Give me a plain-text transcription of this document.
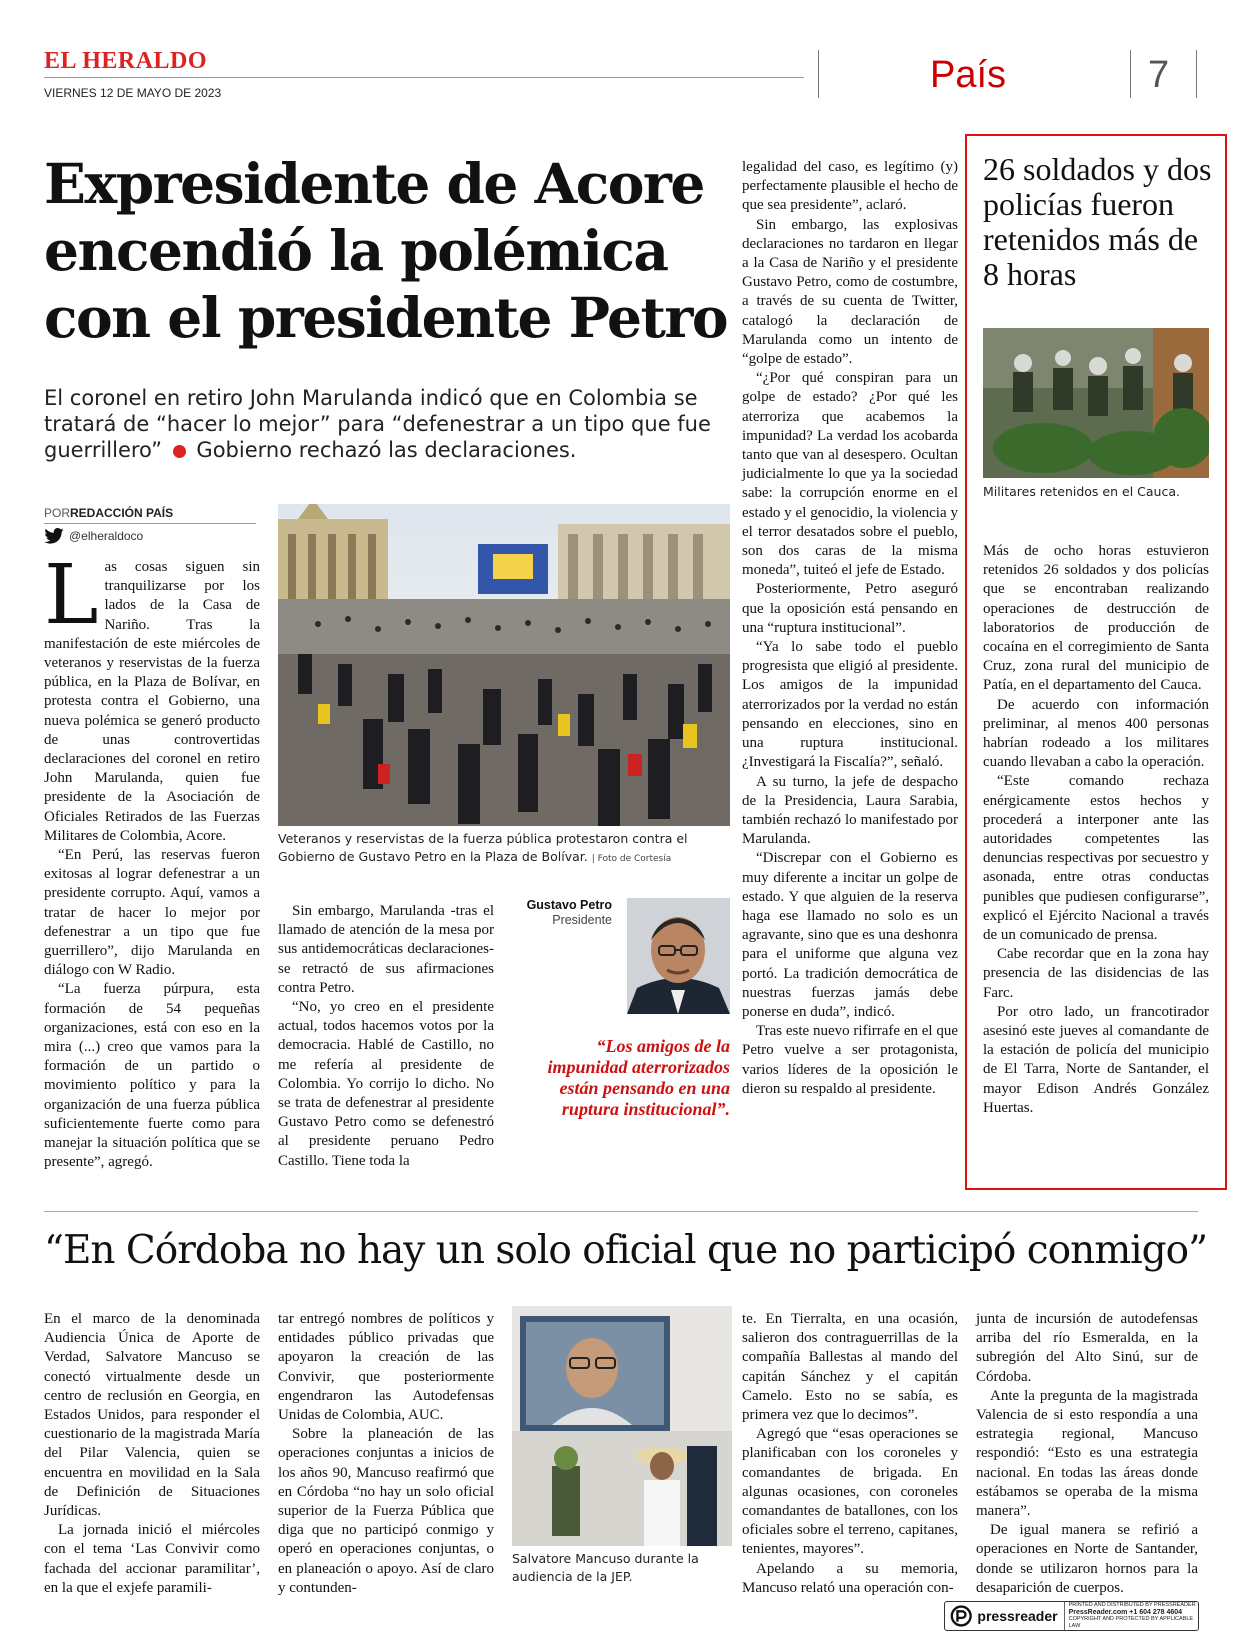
EL HERALDO
VIERNES 12 DE MAYO DE 2023	País	7
Expresidente de Acore
encendió la polémica
con el presidente Petro
El coronel en retiro John Marulanda indicó que en Colombia se tratará de “hacer lo mejor” para “defenestrar a un tipo que fue guerrillero” Gobierno rechazó las declaraciones.
PORREDACCIÓN PAÍS
@elheraldoco

Las cosas siguen sin tranquilizarse por los lados de la Casa de Nariño. Tras la manifestación de este miércoles de veteranos y reservistas de la fuerza pública, en la Plaza de Bolívar, en protesta contra el Gobierno, una nueva polémica se generó producto de unas controvertidas declaraciones del coronel en retiro John Marulanda, quien fue presidente de la Asociación de Oficiales Retirados de las Fuerzas Militares de Colombia, Acore.

“En Perú, las reservas fueron exitosas al lograr defenestrar a un presidente corrupto. Aquí, vamos a tratar de hacer lo mejor por defenestrar a un tipo que fue guerrillero”, dijo Marulanda en diálogo con W Radio.

“La fuerza púrpura, esta formación de 54 pequeñas organizaciones, está con eso en la mira (...) creo que vamos para la formación de un partido o movimiento político y para la organización de una fuerza pública suficientemente fuerte como para manejar la situación política que se presente”, agregó.

Veteranos y reservistas de la fuerza pública protestaron contra el Gobierno de Gustavo Petro en la Plaza de Bolívar. | Foto de Cortesía

Sin embargo, Marulanda -tras el llamado de atención de la mesa por sus antidemocráticas declaraciones- se retractó de sus afirmaciones contra Petro.

“No, yo creo en el presidente actual, todos hacemos votos por la democracia. Hablé de Castillo, no me refería al presidente de Colombia. Yo corrijo lo dicho. No se trata de defenestrar al presidente Gustavo Petro como se defenestró al presidente peruano Pedro Castillo. Tiene toda la

Gustavo Petro
Presidente
“Los amigos de la impunidad aterrorizados están pensando en una ruptura institucional”.

legalidad del caso, es legítimo (y) perfectamente plausible el hecho de que sea presidente”, aclaró.

Sin embargo, las explosivas declaraciones no tardaron en llegar a la Casa de Nariño y el presidente Gustavo Petro, como de costumbre, a través de su cuenta de Twitter, catalogó la declaración de Marulanda como un intento de “golpe de estado”.

“¿Por qué conspiran para un golpe de estado? ¿Por qué les aterroriza que acabemos la impunidad? La verdad los acobarda tanto que van al desespero. Ocultan judicialmente lo que ya la sociedad sabe: la corrupción enorme en el estado y el genocidio, la violencia y el terror desatados sobre el pueblo, son dos caras de la misma moneda”, tuiteó el jefe de Estado.

Posteriormente, Petro aseguró que la oposición está pensando en una “ruptura institucional”.

“Ya lo sabe todo el pueblo progresista que eligió al presidente. Los amigos de la impunidad aterrorizados por la verdad no están pensando en elecciones, sino en una ruptura institucional. ¿Investigará la Fiscalía?”, señaló.

A su turno, la jefe de despacho de la Presidencia, Laura Sarabia, también rechazó lo manifestado por Marulanda.

“Discrepar con el Gobierno es muy diferente a incitar un golpe de estado. Y que alguien de la reserva haga ese llamado no solo es un agravante, sino que es una deshonra para el uniforme que alguna vez portó. La tradición democrática de nuestras fuerzas jamás debe ponerse en duda”, indicó.

Tras este nuevo rifirrafe en el que Petro vuelve a ser protagonista, varios líderes de la oposición le dieron su respaldo al presidente.

26 soldados y dos policías fueron retenidos más de 8 horas
Militares retenidos en el Cauca.

Más de ocho horas estuvieron retenidos 26 soldados y dos policías que se encontraban realizando operaciones de destrucción de laboratorios de producción de cocaína en el corregimiento de Santa Cruz, zona rural del municipio de Patía, en el departamento del Cauca.

De acuerdo con información preliminar, al menos 400 personas habrían rodeado a los militares cuando llevaban a cabo la operación.

“Este comando rechaza enérgicamente estos hechos y procederá a interponer ante las autoridades competentes las denuncias respectivas por secuestro y asonada, entre otras conductas punibles que pudiesen configurarse”, explicó el Ejército Nacional a través de un comunicado de prensa.

Cabe recordar que en la zona hay presencia de las disidencias de las Farc.

Por otro lado, un francotirador asesinó este jueves al comandante de la estación de policía del municipio de El Tarra, Norte de Santander, el mayor Edison Andrés González Huertas.

“En Córdoba no hay un solo oficial que no participó conmigo”

En el marco de la denominada Audiencia Única de Aporte de Verdad, Salvatore Mancuso se conectó virtualmente desde un centro de reclusión en Georgia, en Estados Unidos, para responder el cuestionario de la magistrada María del Pilar Valencia, quien se encuentra en movilidad en la Sala de Definición de Situaciones Jurídicas.

La jornada inició el miércoles con el tema ‘Las Convivir como fachada del accionar paramilitar’, en la que el exjefe paramili-

tar entregó nombres de políticos y entidades público privadas que apoyaron la creación de las Convivir, que posteriormente engendraron las Autodefensas Unidas de Colombia, AUC.

Sobre la planeación de las operaciones conjuntas a inicios de los años 90, Mancuso reafirmó que en Córdoba “no hay un solo oficial superior de la Fuerza Pública que diga que no participó conmigo y operó en operaciones conjuntas, o en planeación o apoyo. Así de claro y contunden-

Salvatore Mancuso durante la audiencia de la JEP.

te. En Tierralta, en una ocasión, salieron dos contraguerrillas de la compañía Ballestas al mando del capitán Sánchez y el capitán Camelo. Esto no se sabía, es primera vez que lo decimos”.

Agregó que “esas operaciones se planificaban con los coroneles y comandantes de brigada. En algunas ocasiones, con coroneles comandantes de batallones, con los oficiales sobre el terreno, capitanes, tenientes, mayores”.

Apelando a su memoria, Mancuso relató una operación con-

junta de incursión de autodefensas arriba del río Esmeralda, en la subregión del Alto Sinú, sur de Córdoba.

Ante la pregunta de la magistrada Valencia de si esto respondía a una estrategia regional, Mancuso respondió: “Esto es una estrategia nacional. En todas las áreas donde estábamos se operaba de la misma manera”.

De igual manera se refirió a operaciones en Norte de Santander, donde se utilizaron hornos para la desaparición de cuerpos.

pressreader
PRINTED AND DISTRIBUTED BY PRESSREADER
PressReader.com +1 604 278 4604
COPYRIGHT AND PROTECTED BY APPLICABLE LAW
